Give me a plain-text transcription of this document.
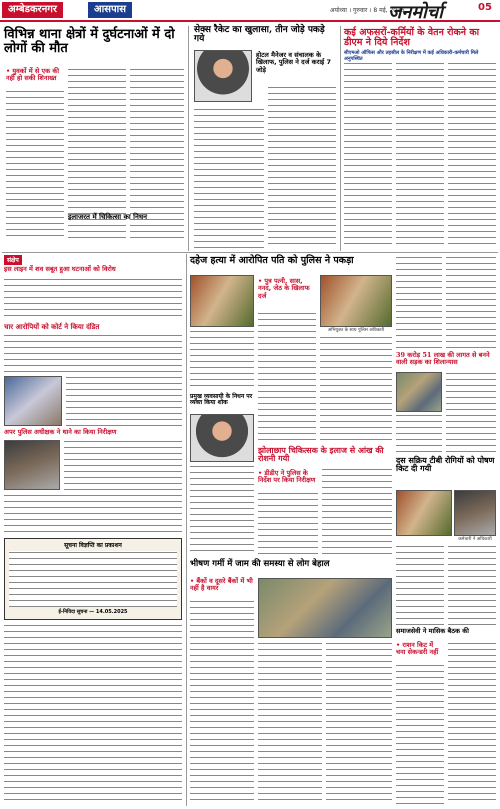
अम्बेडकरनगर	आसपास	अयोध्या । गुरुवार । 8 मई, 2025
जनमोर्चा	05
विभिन्न थाना क्षेत्रों में दुर्घटनाओं में दो लोगों की मौत
• युवकों में से एक की नहीं हो सकी शिनाख्त
इलाजरत में चिकित्सा का निधन
सेक्स रैकेट का खुलासा, तीन जोड़े पकड़े गये
होटल मैनेजर व संचालक के खिलाफ, पुलिस ने दर्ज कराई 7 जोड़े
कई अफसरों-कर्मियों के वेतन रोकने का डीएम ने दिये निर्देश
सीएमओ ऑफिस और तहसील के निरीक्षण में कई अधिकारी-कर्मचारी मिले अनुपस्थित
संक्षेप
इस लाइन में शव सबूत हुआ घटनाओं को विरोध
चार आरोपियों को कोर्ट ने किया दंडित
अपर पुलिस अधीक्षक ने थाने का किया निरीक्षण
सूचना विज्ञप्ति का प्रकाशन
ई-निविदा सूचना — 14.05.2025
दहेज हत्या में आरोपित पति को पुलिस ने पकड़ा
• पुत्र पत्नी, सास, ननद, जेठ के खिलाफ दर्ज
अभियुक्त के साथ पुलिस अधिकारी
प्रमुख व्यवसायी के निधन पर व्यक्त किया शोक
झोलाछाप चिकित्सक के इलाज से आंख की रोशनी गयी
• डीडीए ने पुलिस के निर्देश पर किया निरीक्षण
भीषण गर्मी में जाम की समस्या से लोग बेहाल
• बैंकों व दूसरे बैंकों में भी नहीं है वायर
39 करोड़ 51 लाख की लागत से बनने वाली सड़क का शिलान्यास
दस सक्रिय टीबी रोगियों को पोषण किट दी गयी
कर्मचारी ने अधिकारी
समाजसेवी ने मासिक बैठक की
• राशन किट में चना सेकन्डरी नहीं
